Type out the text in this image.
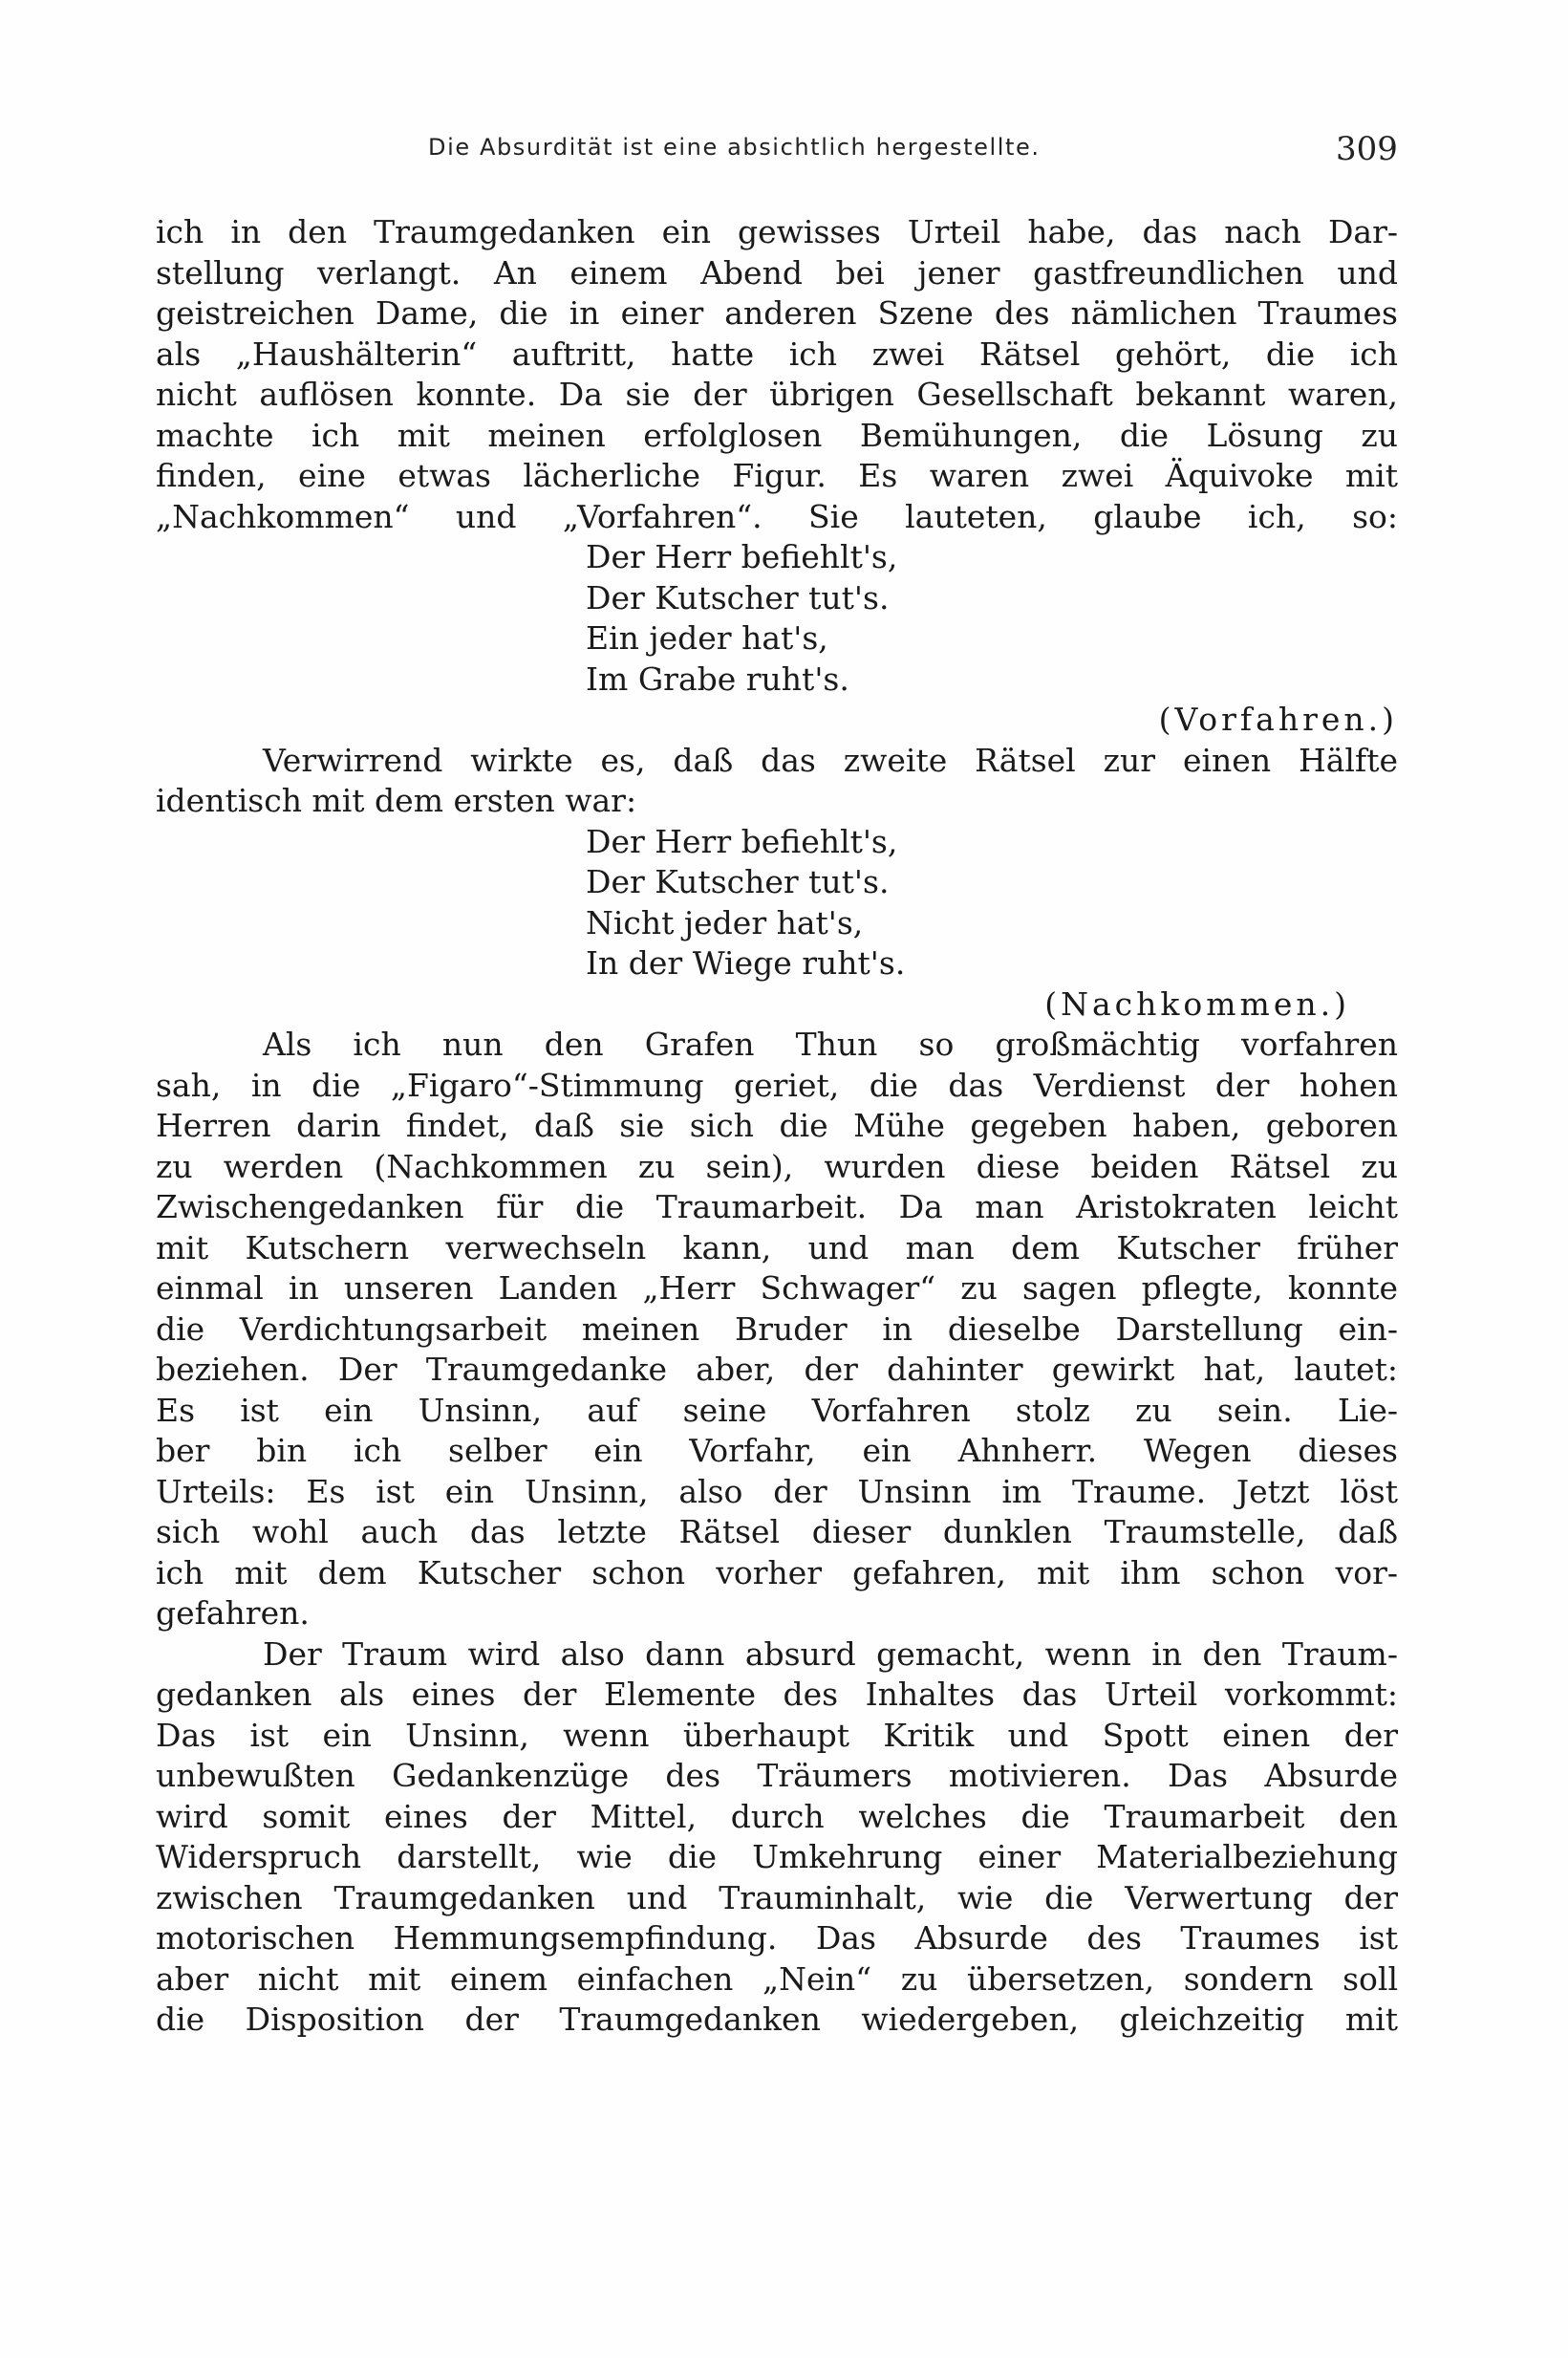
Die Absurdität ist eine absichtlich hergestellte.	309
ich in den Traumgedanken ein gewisses Urteil habe, das nach Dar-
stellung verlangt. An einem Abend bei jener gastfreundlichen und
geistreichen Dame, die in einer anderen Szene des nämlichen Traumes
als „Haushälterin“ auftritt, hatte ich zwei Rätsel gehört, die ich
nicht auflösen konnte. Da sie der übrigen Gesellschaft bekannt waren,
machte ich mit meinen erfolglosen Bemühungen, die Lösung zu
finden, eine etwas lächerliche Figur. Es waren zwei Äquivoke mit
„Nachkommen“ und „Vorfahren“. Sie lauteten, glaube ich, so:
Der Herr befiehlt's,
Der Kutscher tut's.
Ein jeder hat's,
Im Grabe ruht's.
(Vorfahren.)
Verwirrend wirkte es, daß das zweite Rätsel zur einen Hälfte
identisch mit dem ersten war:
Der Herr befiehlt's,
Der Kutscher tut's.
Nicht jeder hat's,
In der Wiege ruht's.
(Nachkommen.)
Als ich nun den Grafen Thun so großmächtig vorfahren
sah, in die „Figaro“-Stimmung geriet, die das Verdienst der hohen
Herren darin findet, daß sie sich die Mühe gegeben haben, geboren
zu werden (Nachkommen zu sein), wurden diese beiden Rätsel zu
Zwischengedanken für die Traumarbeit. Da man Aristokraten leicht
mit Kutschern verwechseln kann, und man dem Kutscher früher
einmal in unseren Landen „Herr Schwager“ zu sagen pflegte, konnte
die Verdichtungsarbeit meinen Bruder in dieselbe Darstellung ein-
beziehen. Der Traumgedanke aber, der dahinter gewirkt hat, lautet:
Es ist ein Unsinn, auf seine Vorfahren stolz zu sein. Lie-
ber bin ich selber ein Vorfahr, ein Ahnherr. Wegen dieses
Urteils: Es ist ein Unsinn, also der Unsinn im Traume. Jetzt löst
sich wohl auch das letzte Rätsel dieser dunklen Traumstelle, daß
ich mit dem Kutscher schon vorher gefahren, mit ihm schon vor-
gefahren.
Der Traum wird also dann absurd gemacht, wenn in den Traum-
gedanken als eines der Elemente des Inhaltes das Urteil vorkommt:
Das ist ein Unsinn, wenn überhaupt Kritik und Spott einen der
unbewußten Gedankenzüge des Träumers motivieren. Das Absurde
wird somit eines der Mittel, durch welches die Traumarbeit den
Widerspruch darstellt, wie die Umkehrung einer Materialbeziehung
zwischen Traumgedanken und Trauminhalt, wie die Verwertung der
motorischen Hemmungsempfindung. Das Absurde des Traumes ist
aber nicht mit einem einfachen „Nein“ zu übersetzen, sondern soll
die Disposition der Traumgedanken wiedergeben, gleichzeitig mit
